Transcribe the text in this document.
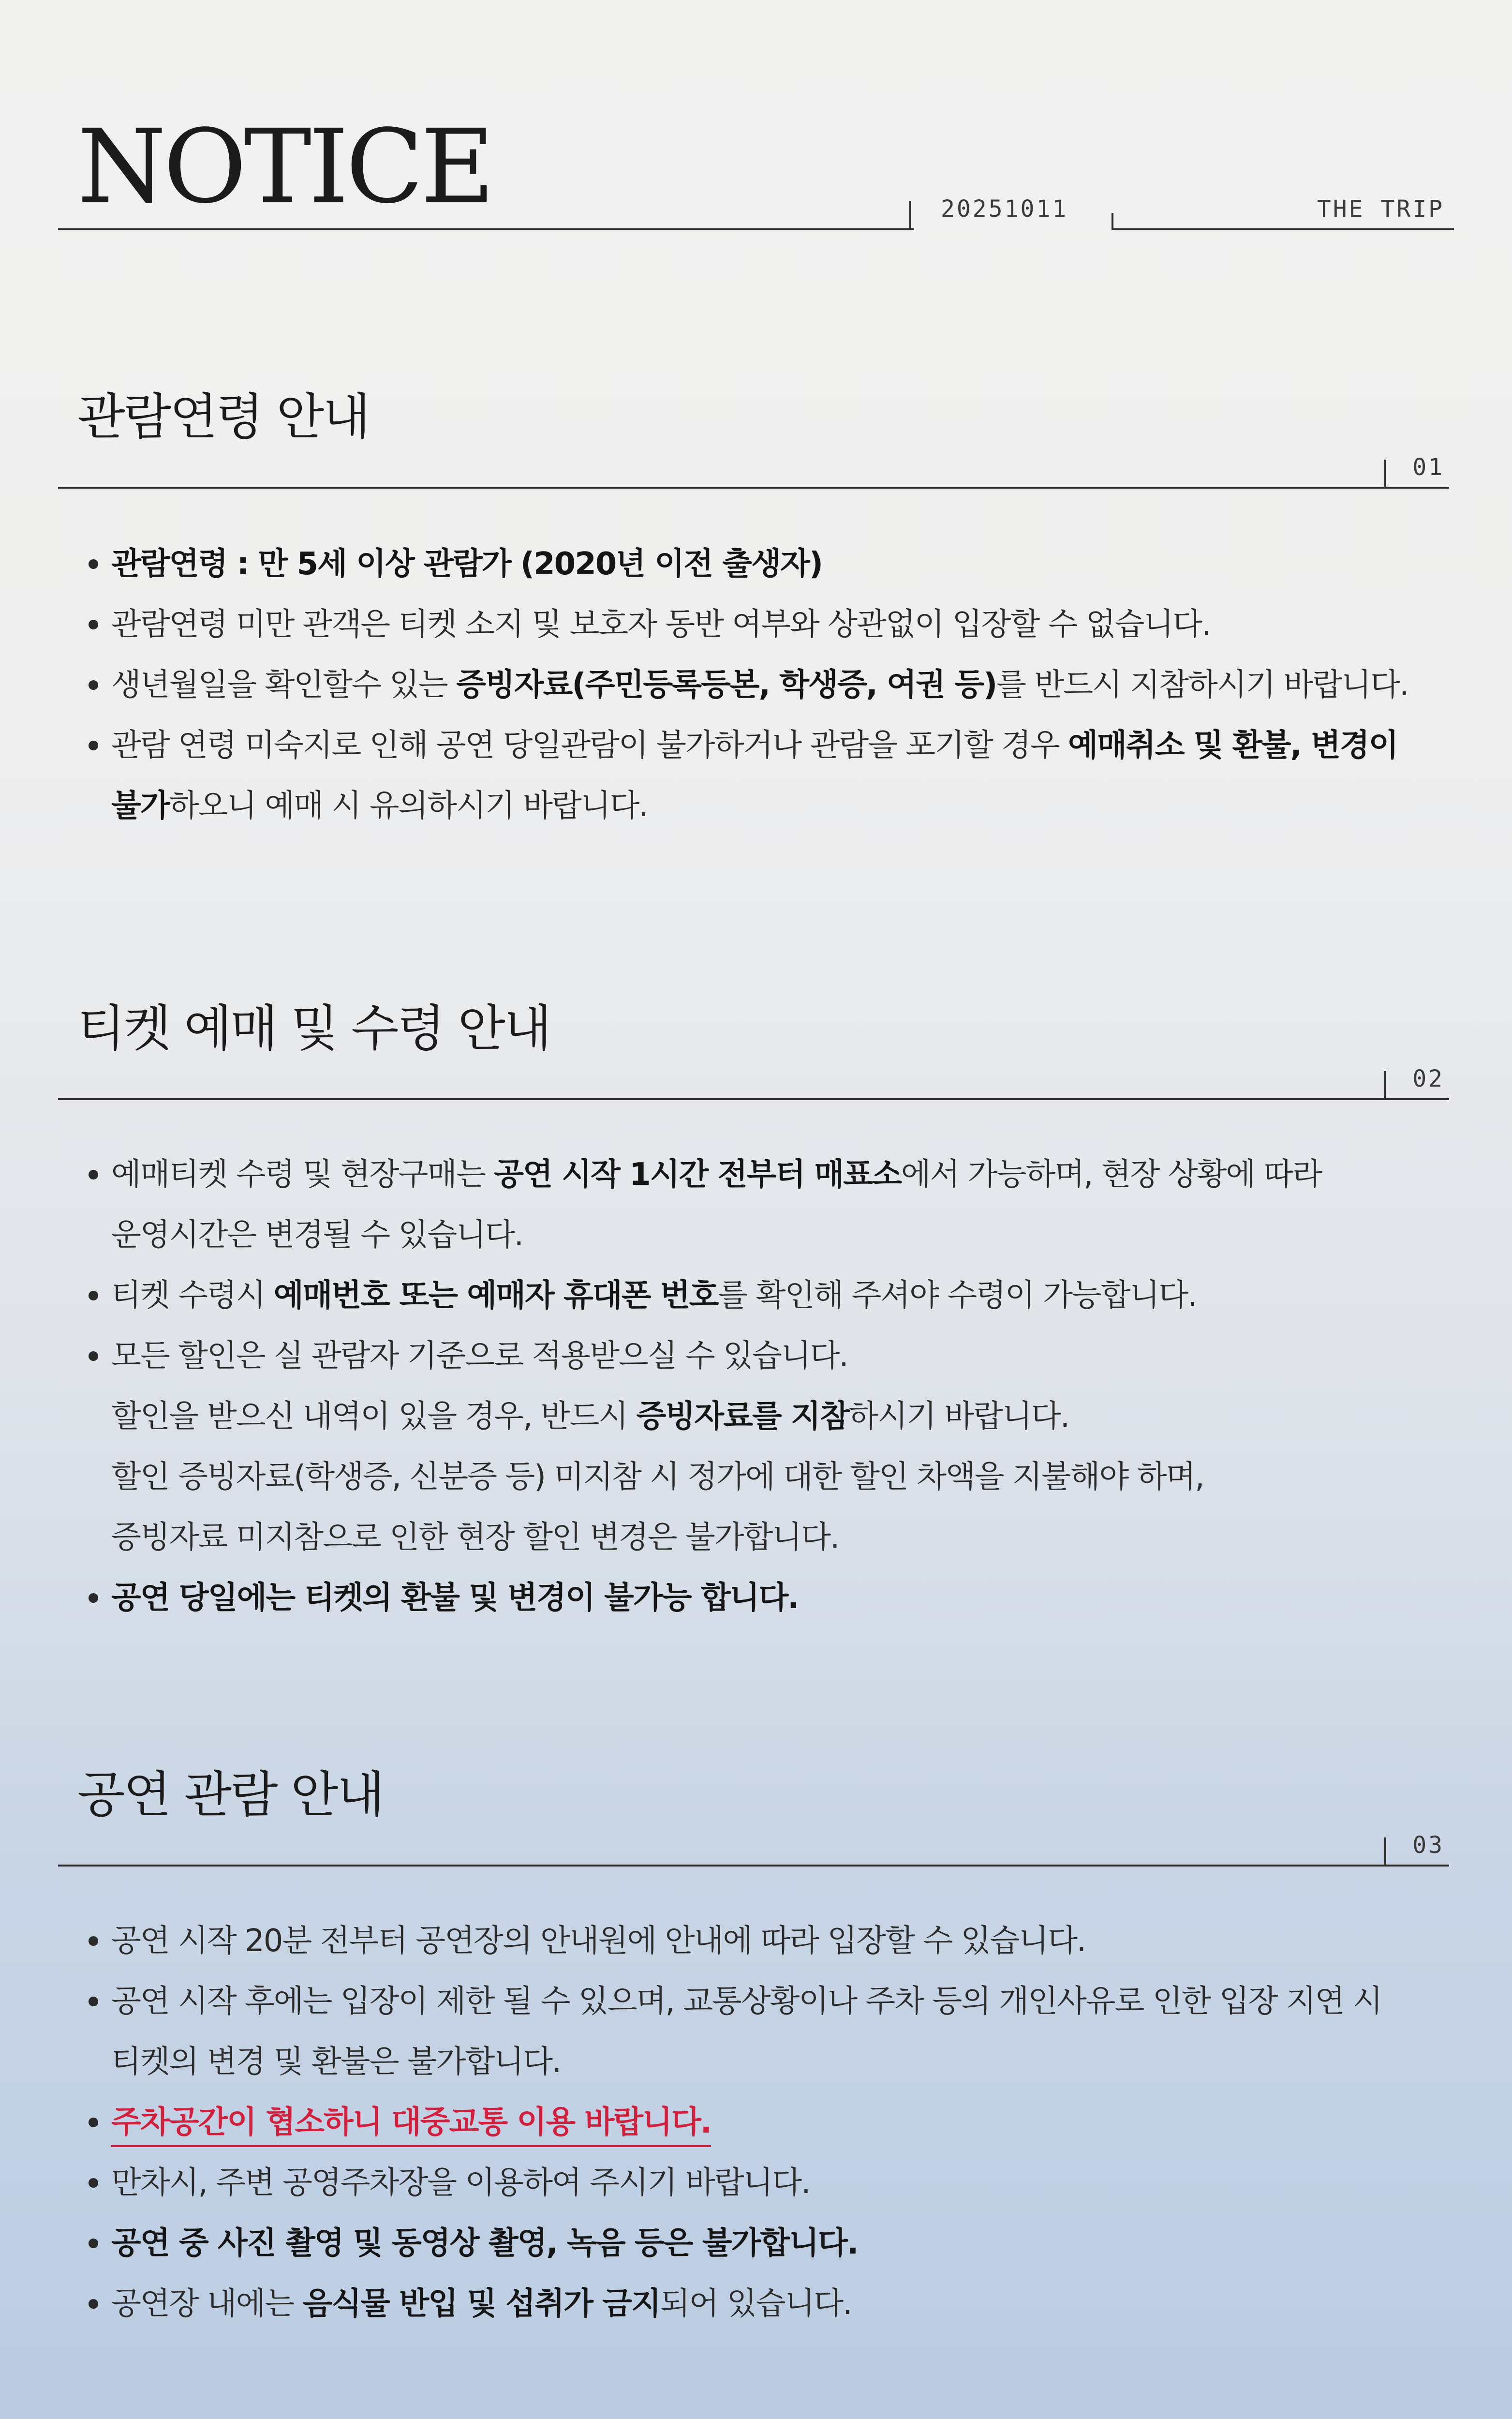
NOTICE	20251011	THE TRIP
관람연령 안내
01
관람연령 : 만 5세 이상 관람가 (2020년 이전 출생자)
관람연령 미만 관객은 티켓 소지 및 보호자 동반 여부와 상관없이 입장할 수 없습니다.
생년월일을 확인할수 있는 증빙자료(주민등록등본, 학생증, 여권 등)를 반드시 지참하시기 바랍니다.
관람 연령 미숙지로 인해 공연 당일관람이 불가하거나 관람을 포기할 경우 예매취소 및 환불, 변경이
불가하오니 예매 시 유의하시기 바랍니다.
티켓 예매 및 수령 안내
02
예매티켓 수령 및 현장구매는 공연 시작 1시간 전부터 매표소에서 가능하며, 현장 상황에 따라
운영시간은 변경될 수 있습니다.
티켓 수령시 예매번호 또는 예매자 휴대폰 번호를 확인해 주셔야 수령이 가능합니다.
모든 할인은 실 관람자 기준으로 적용받으실 수 있습니다.
할인을 받으신 내역이 있을 경우, 반드시 증빙자료를 지참하시기 바랍니다.
할인 증빙자료(학생증, 신분증 등) 미지참 시 정가에 대한 할인 차액을 지불해야 하며,
증빙자료 미지참으로 인한 현장 할인 변경은 불가합니다.
공연 당일에는 티켓의 환불 및 변경이 불가능 합니다.
공연 관람 안내
03
공연 시작 20분 전부터 공연장의 안내원에 안내에 따라 입장할 수 있습니다.
공연 시작 후에는 입장이 제한 될 수 있으며, 교통상황이나 주차 등의 개인사유로 인한 입장 지연 시
티켓의 변경 및 환불은 불가합니다.
주차공간이 협소하니 대중교통 이용 바랍니다.
만차시, 주변 공영주차장을 이용하여 주시기 바랍니다.
공연 중 사진 촬영 및 동영상 촬영, 녹음 등은 불가합니다.
공연장 내에는 음식물 반입 및 섭취가 금지되어 있습니다.
